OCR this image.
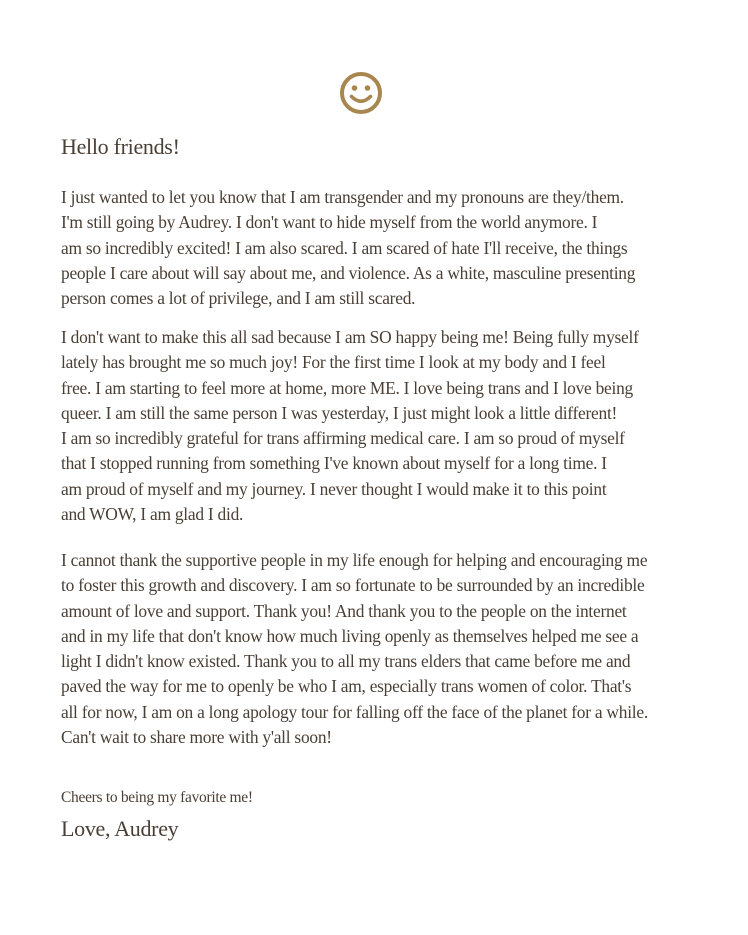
Hello friends!
I just wanted to let you know that I am transgender and my pronouns are they/them.
I'm still going by Audrey. I don't want to hide myself from the world anymore. I
am so incredibly excited! I am also scared. I am scared of hate I'll receive, the things
people I care about will say about me, and violence. As a white, masculine presenting
person comes a lot of privilege, and I am still scared.
I don't want to make this all sad because I am SO happy being me! Being fully myself
lately has brought me so much joy! For the first time I look at my body and I feel
free. I am starting to feel more at home, more ME. I love being trans and I love being
queer. I am still the same person I was yesterday, I just might look a little different!
I am so incredibly grateful for trans affirming medical care. I am so proud of myself
that I stopped running from something I've known about myself for a long time. I
am proud of myself and my journey. I never thought I would make it to this point
and WOW, I am glad I did.
I cannot thank the supportive people in my life enough for helping and encouraging me
to foster this growth and discovery. I am so fortunate to be surrounded by an incredible
amount of love and support. Thank you! And thank you to the people on the internet
and in my life that don't know how much living openly as themselves helped me see a
light I didn't know existed. Thank you to all my trans elders that came before me and
paved the way for me to openly be who I am, especially trans women of color. That's
all for now, I am on a long apology tour for falling off the face of the planet for a while.
Can't wait to share more with y'all soon!
Cheers to being my favorite me!
Love, Audrey
